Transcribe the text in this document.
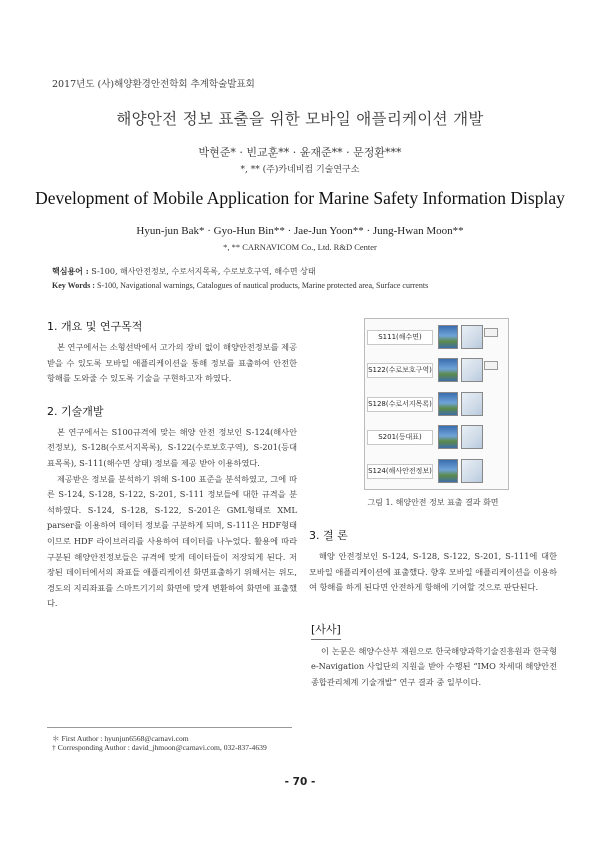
2017년도 (사)해양환경안전학회 추계학술발표회
해양안전 정보 표출을 위한 모바일 애플리케이션 개발
박현준* · 빈교훈** · 윤재준** · 문정환***
*, ** (주)카네비컴 기술연구소
Development of Mobile Application for Marine Safety Information Display
Hyun-jun Bak* · Gyo-Hun Bin** · Jae-Jun Yoon** · Jung-Hwan Moon**
*, ** CARNAVICOM Co., Ltd. R&D Center
핵심용어 : S-100, 해사안전정보, 수로서지목록, 수로보호구역, 해수면 상태
Key Words : S-100, Navigational warnings, Catalogues of nautical products, Marine protected area, Surface currents
1. 개요 및 연구목적

본 연구에서는 소형선박에서 고가의 장비 없이 해양안전정보를 제공 받을 수 있도록 모바일 애플리케이션을 통해 정보를 표출하여 안전한 항해를 도와줄 수 있도록 기술을 구현하고자 하였다.

2. 기술개발

본 연구에서는 S100규격에 맞는 해양 안전 정보인 S-124(해사안전정보), S-128(수로서지목록), S-122(수로보호구역), S-201(등대표목록), S-111(해수면 상태) 정보를 제공 받아 이용하였다.

제공받은 정보를 분석하기 위해 S-100 표준을 분석하였고, 그에 따른 S-124, S-128, S-122, S-201, S-111 정보들에 대한 규격을 분석하였다. S-124, S-128, S-122, S-201은 GML형태로 XML parser를 이용하여 데이터 정보를 구분하게 되며, S-111은 HDF형태이므로 HDF 라이브러리를 사용하여 데이터를 나누었다. 활용에 따라 구분된 해양안전정보들은 규격에 맞게 데이터들이 저장되게 된다. 저장된 데이터에서의 좌표들 애플리케이션 화면표출하기 위해서는 위도, 경도의 지리좌표를 스마트기기의 화면에 맞게 변환하여 화면에 표출했다.

S111(해수면)
S122(수로보호구역)
S128(수로서지목록)
S201(등대표)
S124(해사안전정보)
그림 1. 해양안전 정보 표출 결과 화면
3. 결 론

해양 안전정보인 S-124, S-128, S-122, S-201, S-111에 대한 모바일 애플리케이션에 표출했다. 향후 모바일 애플리케이션을 이용하여 항해를 하게 된다면 안전하게 항해에 기여할 것으로 판단된다.

[사사]

이 논문은 해양수산부 재원으로 한국해양과학기술진흥원과 한국형 e-Navigation 사업단의 지원을 받아 수행된 “IMO 차세대 해양안전종합관리체계 기술개발” 연구 결과 중 일부이다.

＊ First Author : hyunjun6568@carnavi.com
† Corresponding Author : david_jhmoon@carnavi.com, 032-837-4639
- 70 -
